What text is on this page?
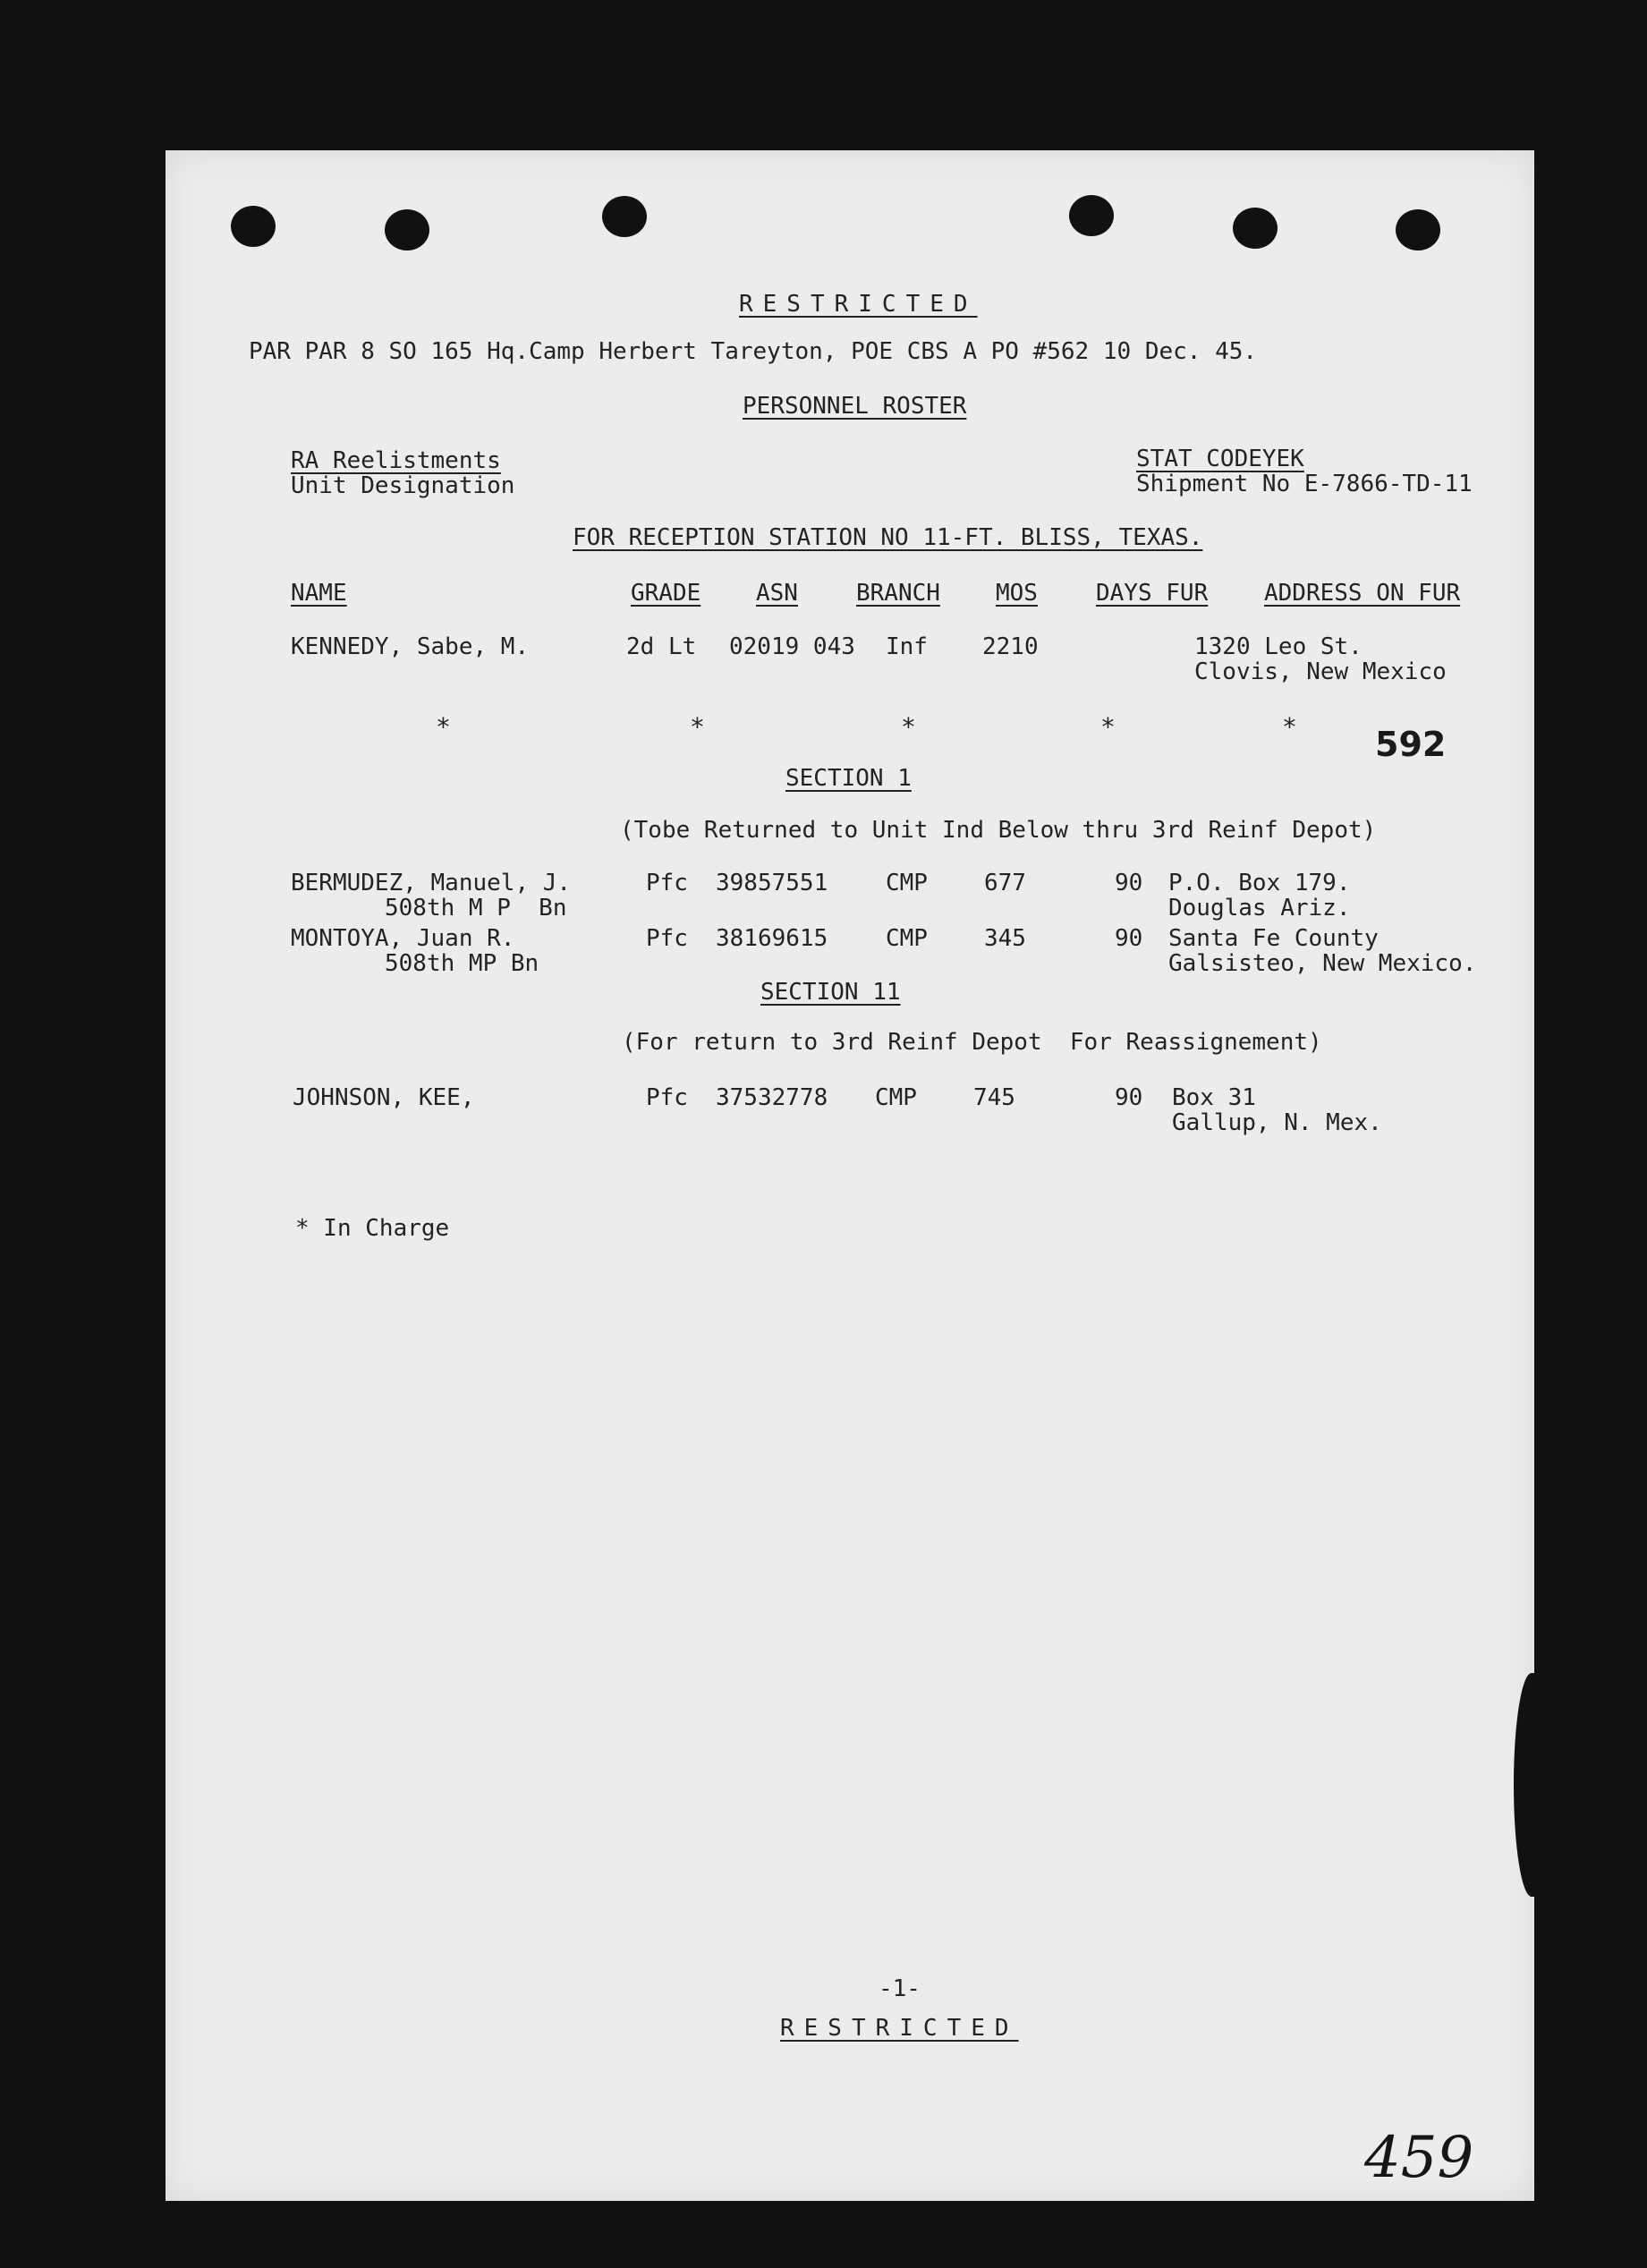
RESTRICTED
PAR PAR 8 SO 165 Hq.Camp Herbert Tareyton, POE CBS A PO #562 10 Dec. 45.
PERSONNEL ROSTER
RA Reelistments
Unit Designation
STAT CODEYEK
Shipment No E-7866-TD-11
FOR RECEPTION STATION NO 11-FT. BLISS, TEXAS.
NAME	GRADE ASN	BRANCH MOS	DAYS FUR ADDRESS ON FUR
KENNEDY, Sabe, M.	2d Lt 02019 043 Inf 2210	1320 Leo St.
Clovis, New Mexico
*	*	*	*	* 592
SECTION 1
(Tobe Returned to Unit Ind Below thru 3rd Reinf Depot)
BERMUDEZ, Manuel, J.
508th M P  Bn
Pfc 39857551 CMP 677	90 P.O. Box 179.
Douglas Ariz.
MONTOYA, Juan R.
508th MP Bn
Pfc 38169615 CMP 345	90 Santa Fe County
Galsisteo, New Mexico.
SECTION 11
(For return to 3rd Reinf Depot  For Reassignement)
JOHNSON, KEE,	Pfc 37532778 CMP 745	90 Box 31
Gallup, N. Mex.
* In Charge
-1-
RESTRICTED
459
